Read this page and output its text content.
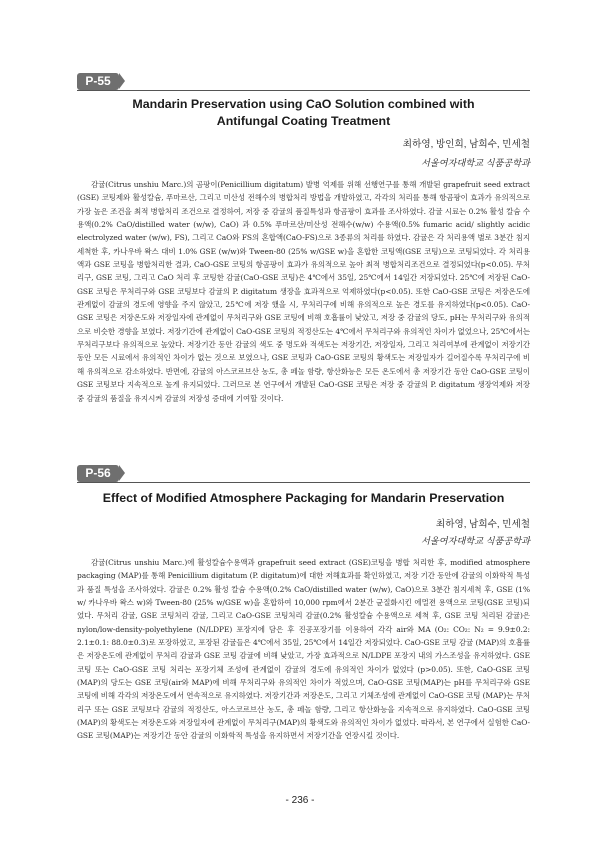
P-55
Mandarin Preservation using CaO Solution combined with
Antifungal Coating Treatment
최하영, 방인희, 남희수, 민세철
서울여자대학교 식품공학과

감귤(Citrus unshiu Marc.)의 곰팡이(Penicillium digitatum) 발병 억제를 위해 선행연구를 통해 개발된 grapefruit seed extract (GSE) 코팅제와 활성칼슘, 푸마르산, 그리고 미산성 전해수의 병합처리 방법을 개발하였고, 각각의 처리를 통해 항곰팡이 효과가 유의적으로 가장 높은 조건을 최적 병합처리 조건으로 결정하여, 저장 중 감귤의 품질특성과 항곰팡이 효과를 조사하였다. 감귤 시료는 0.2% 활성 칼슘 수용액(0.2% CaO/distilled water (w/w), CaO) 과 0.5% 푸마르산/미산성 전해수(w/w) 수용액(0.5% fumaric acid/ slightly acidic electrolyzed water (w/w), FS), 그리고 CaO와 FS의 혼합액(CaO-FS)으로 3종류의 처리를 하였다. 감귤은 각 처리용액 별로 3분간 침지세척한 후, 카나우바 왁스 대비 1.0% GSE (w/w)와 Tween-80 (25% w/GSE w)을 혼합한 코팅액(GSE 코팅)으로 코팅되었다. 각 처리용액과 GSE 코팅을 병합처리한 결과, CaO-GSE 코팅의 항곰팡이 효과가 유의적으로 높아 최적 병합처리조건으로 결정되었다(p<0.05). 무처리구, GSE 코팅, 그리고 CaO 처리 후 코팅한 감귤(CaO-GSE 코팅)은 4℃에서 35일, 25℃에서 14일간 저장되었다. 25℃에 저장된 CaO-GSE 코팅은 무처리구와 GSE 코팅보다 감귤의 P. digitatum 생장을 효과적으로 억제하였다(p<0.05). 또한 CaO-GSE 코팅은 저장온도에 관계없이 감귤의 경도에 영향을 주지 않았고, 25℃에 저장 했을 시, 무처리구에 비해 유의적으로 높은 경도를 유지하였다(p<0.05). CaO-GSE 코팅은 저장온도와 저장일자에 관계없이 무처리구와 GSE 코팅에 비해 호흡률이 낮았고, 저장 중 감귤의 당도, pH는 무처리구와 유의적으로 비슷한 경향을 보였다. 저장기간에 관계없이 CaO-GSE 코팅의 적정산도는 4℃에서 무처리구와 유의적인 차이가 없었으나, 25℃에서는 무처리구보다 유의적으로 높았다. 저장기간 동안 감귤의 색도 중 명도와 적색도는 저장기간, 저장일자, 그리고 처리여부에 관계없이 저장기간 동안 모든 시료에서 유의적인 차이가 없는 것으로 보였으나, GSE 코팅과 CaO-GSE 코팅의 황색도는 저장일자가 길어질수록 무처리구에 비해 유의적으로 감소하였다. 반면에, 감귤의 아스코르브산 농도, 총 페놀 함량, 항산화능은 모든 온도에서 총 저장기간 동안 CaO-GSE 코팅이 GSE 코팅보다 지속적으로 높게 유지되었다. 그러므로 본 연구에서 개발된 CaO-GSE 코팅은 저장 중 감귤의 P. digitatum 생장억제와 저장 중 감귤의 품질을 유지시켜 감귤의 저장성 증대에 기여할 것이다.

P-56
Effect of Modified Atmosphere Packaging for Mandarin Preservation
최하영, 남희수, 민세철
서울여자대학교 식품공학과

감귤(Citrus unshiu Marc.)에 활성칼슘수용액과 grapefruit seed extract (GSE)코팅을 병합 처리한 후, modified atmosphere packaging (MAP)를 통해 Penicillium digitatum (P. digitatum)에 대한 저해효과를 확인하였고, 저장 기간 동안에 감귤의 이화학적 특성과 품질 특성을 조사하였다. 감귤은 0.2% 활성 칼슘 수용액(0.2% CaO/distilled water (w/w), CaO)으로 3분간 침지세척 후, GSE (1% w/ 카나우바 왁스 w)와 Tween-80 (25% w/GSE w)을 혼합하여 10,000 rpm에서 2분간 균질화시킨 에멀젼 용액으로 코팅(GSE 코팅)되었다. 무처리 감귤, GSE 코팅처리 감귤, 그리고 CaO-GSE 코팅처리 감귤(0.2% 활성칼슘 수용액으로 세척 후, GSE 코팅 처리된 감귤)은 nylon/low-density-polyethylene (N/LDPE) 포장지에 담은 후 진공포장기를 이용하여 각각 air와 MA (O₂: CO₂: N₂ = 9.9±0.2: 2.1±0.1: 88.0±0.3)로 포장하였고, 포장된 감귤들은 4℃에서 35일, 25℃에서 14일간 저장되었다. CaO-GSE 코팅 감귤 (MAP)의 호흡률은 저장온도에 관계없이 무처리 감귤과 GSE 코팅 감귤에 비해 낮았고, 가장 효과적으로 N/LDPE 포장지 내의 가스조성을 유지하였다. GSE 코팅 또는 CaO-GSE 코팅 처리는 포장기체 조성에 관계없이 감귤의 경도에 유의적인 차이가 없었다 (p>0.05). 또한, CaO-GSE 코팅(MAP)의 당도는 GSE 코팅(air와 MAP)에 비해 무처리구와 유의적인 차이가 적었으며, CaO-GSE 코팅(MAP)는 pH를 무처리구와 GSE 코팅에 비해 각각의 저장온도에서 연속적으로 유지하였다. 저장기간과 저장온도, 그리고 기체조성에 관계없이 CaO-GSE 코팅 (MAP)는 무처리구 또는 GSE 코팅보다 감귤의 적정산도, 아스코르브산 농도, 총 페놀 함량, 그리고 항산화능을 지속적으로 유지하였다. CaO-GSE 코팅 (MAP)의 황색도는 저장온도와 저장일자에 관계없이 무처리구(MAP)의 황색도와 유의적인 차이가 없었다. 따라서, 본 연구에서 실험한 CaO-GSE 코팅(MAP)는 저장기간 동안 감귤의 이화학적 특성을 유지하면서 저장기간을 연장시킬 것이다.

- 236 -
